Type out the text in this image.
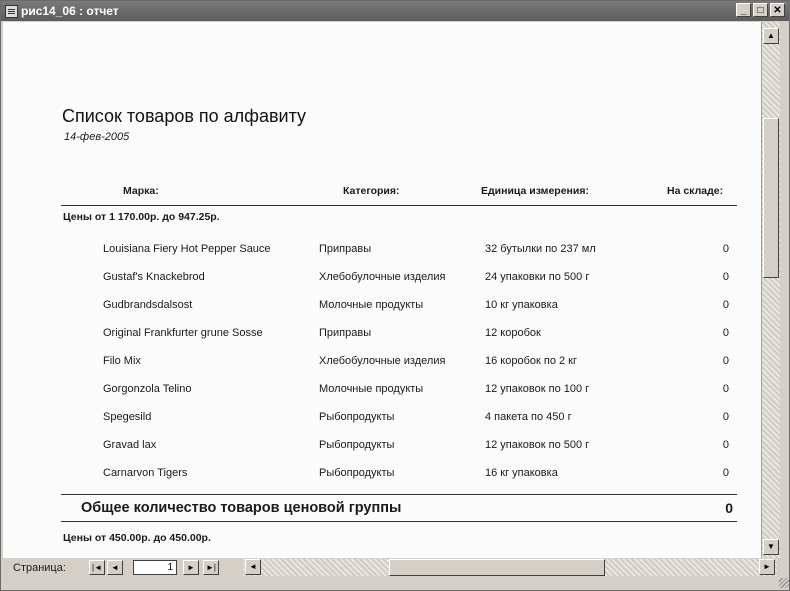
рис14_06 : отчет	_	□ ✕
Список товаров по алфавиту
14-фев-2005
Марка:	Категория:	Единица измерения:	На складе:
Цены от 1 170.00р. до 947.25р.
Louisiana Fiery Hot Pepper Sauce	Приправы	32 бутылки по 237 мл	0
Gustaf's Knackebrod	Хлебобулочные изделия	24 упаковки по 500 г	0
Gudbrandsdalsost	Молочные продукты	10 кг упаковка	0
Original Frankfurter grune Sosse	Приправы	12 коробок	0
Filo Mix	Хлебобулочные изделия	16 коробок по 2 кг	0
Gorgonzola Telino	Молочные продукты	12 упаковок по 100 г	0
Spegesild	Рыбопродукты	4 пакета по 450 г	0
Gravad lax	Рыбопродукты	12 упаковок по 500 г	0
Carnarvon Tigers	Рыбопродукты	16 кг упаковка	0
Общее количество товаров ценовой группы	0
Цены от 450.00р. до 450.00р.
▲
▼
Страница:	|◄	◄
1	►	►|	◄	►
